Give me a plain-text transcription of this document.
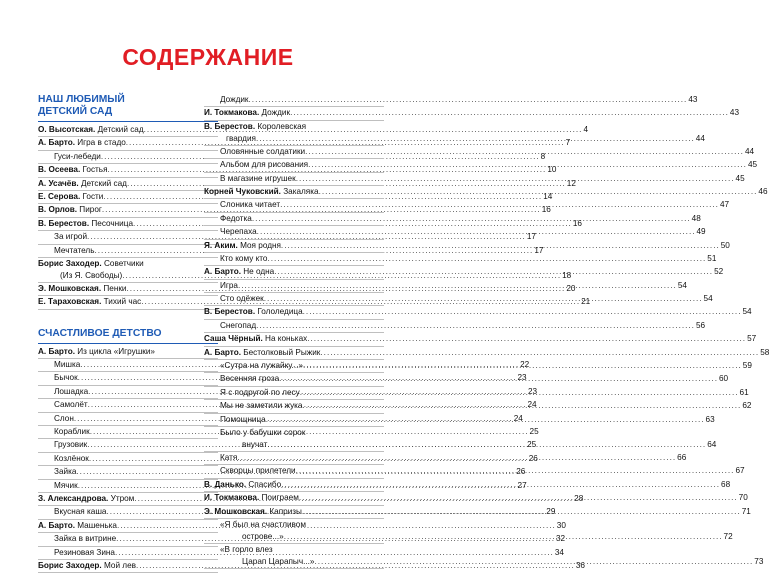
СОДЕРЖАНИЕ
НАШ ЛЮБИМЫЙ
ДЕТСКИЙ САД
О. Высотская. Детский сад .....	4
А. Барто. Игра в стадо .....	7
Гуси-лебеди .....	8
В. Осеева. Гостья .....	10
А. Усачёв. Детский сад .....	12
Е. Серова. Гости .....	14
В. Орлов. Пирог .....	16
В. Берестов. Песочница .....	16
За игрой .....	17
Мечтатель .....	17
Борис Заходер. Советчики
(Из Я. Свободы) .....	18
Э. Мошковская. Пенки .....	20
Е. Тараховская. Тихий час .....	21
СЧАСТЛИВОЕ ДЕТСТВО
А. Барто. Из цикла «Игрушки»
Мишка .....	22
Бычок .....	23
Лошадка .....	23
Самолёт .....	24
Слон .....	24
Кораблик .....	25
Грузовик .....	25
Козлёнок .....	26
Зайка .....	26
Мячик .....	27
З. Александрова. Утром .....	28
Вкусная каша .....	29
А. Барто. Машенька .....	30
Зайка в витрине .....	32
Резиновая Зина .....	34
Борис Заходер. Мой лев .....	36
Дождик .....	43
И. Токмакова. Дождик .....	43
В. Берестов. Королевская
гвардия .....	44
Оловянные солдатики .....	44
Альбом для рисования .....	45
В магазине игрушек .....	45
Корней Чуковский. Закаляка .....	46
Слоника читает .....	47
Федотка .....	48
Черепаха .....	49
Я. Аким. Моя родня .....	50
Кто кому кто .....	51
А. Барто. Не одна .....	52
Игра .....	54
Сто одёжек .....	54
В. Берестов. Гололедица .....	54
Снегопад .....	56
Саша Чёрный. На коньках .....	57
А. Барто. Бестолковый Рыжик .....	58
«Сутра на лужайку...» .....	59
Весенняя гроза .....	60
Я с подругой по лесу .....	61
Мы не заметили жука .....	62
Помощница .....	63
Было у бабушки сорок
внучат .....	64
Катя .....	66
Скворцы прилетели .....	67
В. Данько. Спасибо .....	68
И. Токмакова. Поиграем .....	70
Э. Мошковская. Капризы .....	71
«Я был на счастливом
острове...» .....	72
«В горло влез
Царап Царапыч...» .....	73
